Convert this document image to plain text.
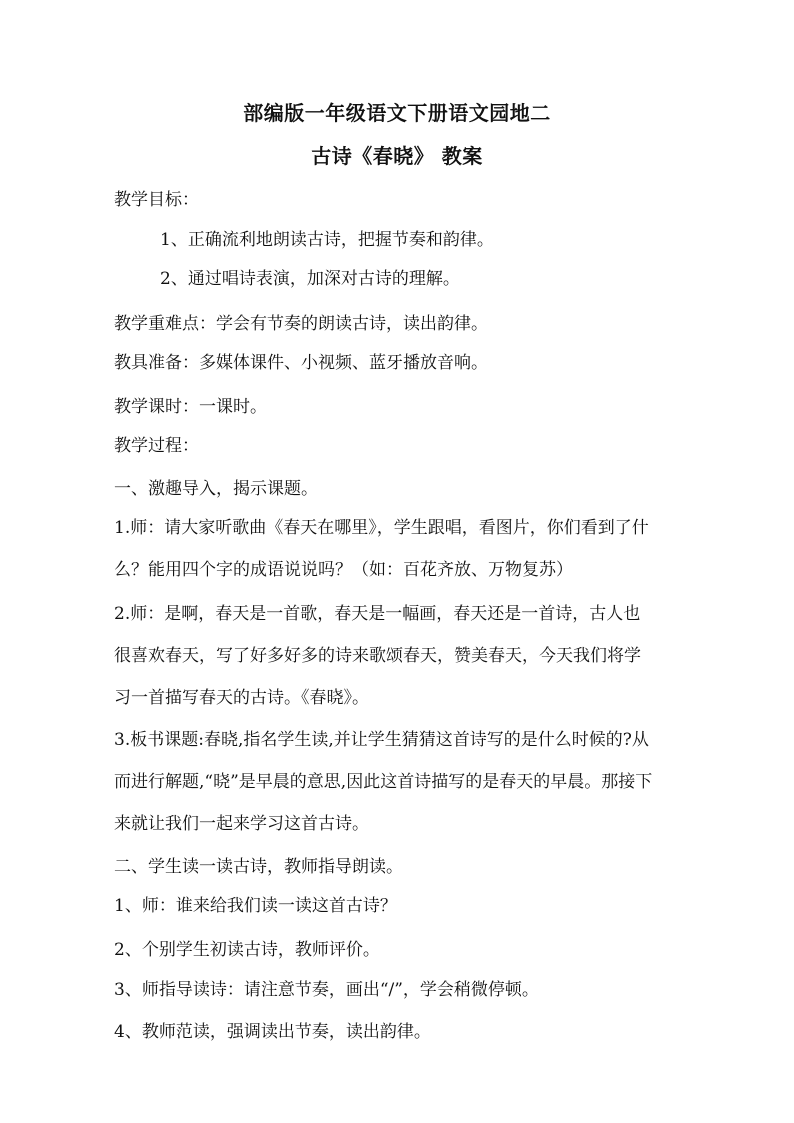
部编版一年级语文下册语文园地二
古诗《春晓》 教案
教学目标：
1、正确流利地朗读古诗，把握节奏和韵律。
2、通过唱诗表演，加深对古诗的理解。
教学重难点：学会有节奏的朗读古诗，读出韵律。
教具准备：多媒体课件、小视频、蓝牙播放音响。
教学课时：一课时。
教学过程：
一、激趣导入，揭示课题。
1.师：请大家听歌曲《春天在哪里》，学生跟唱，看图片，你们看到了什
么？能用四个字的成语说说吗？（如：百花齐放、万物复苏）
2.师：是啊，春天是一首歌，春天是一幅画，春天还是一首诗，古人也
很喜欢春天，写了好多好多的诗来歌颂春天，赞美春天，今天我们将学
习一首描写春天的古诗。《春晓》。
3.板书课题:春晓,指名学生读,并让学生猜猜这首诗写的是什么时候的?从
而进行解题,“晓”是早晨的意思,因此这首诗描写的是春天的早晨。那接下
来就让我们一起来学习这首古诗。
二、学生读一读古诗，教师指导朗读。
1、师：谁来给我们读一读这首古诗？
2、个别学生初读古诗，教师评价。
3、师指导读诗：请注意节奏，画出“/”，学会稍微停顿。
4、教师范读，强调读出节奏，读出韵律。
